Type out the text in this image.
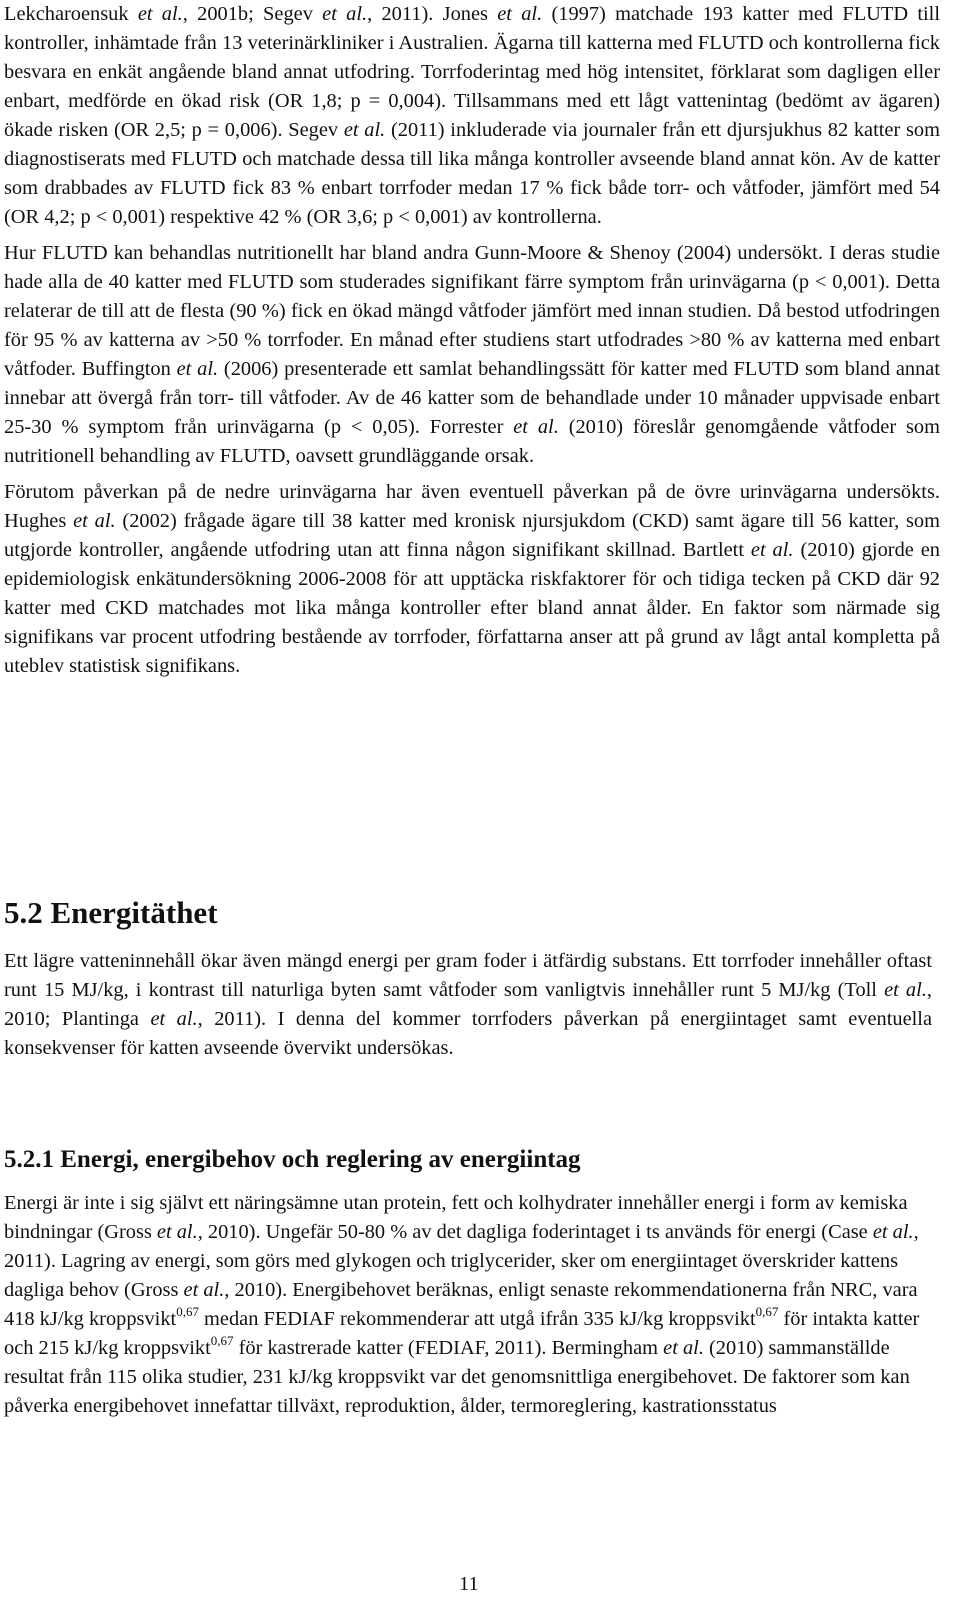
Lekcharoensuk et al., 2001b; Segev et al., 2011). Jones et al. (1997) matchade 193 katter med FLUTD till kontroller, inhämtade från 13 veterinärkliniker i Australien. Ägarna till katterna med FLUTD och kontrollerna fick besvara en enkät angående bland annat utfodring. Torrfoderintag med hög intensitet, förklarat som dagligen eller enbart, medförde en ökad risk (OR 1,8; p = 0,004). Tillsammans med ett lågt vattenintag (bedömt av ägaren) ökade risken (OR 2,5; p = 0,006). Segev et al. (2011) inkluderade via journaler från ett djursjukhus 82 katter som diagnostiserats med FLUTD och matchade dessa till lika många kontroller avseende bland annat kön. Av de katter som drabbades av FLUTD fick 83 % enbart torrfoder medan 17 % fick både torr- och våtfoder, jämfört med 54 (OR 4,2; p < 0,001) respektive 42 % (OR 3,6; p < 0,001) av kontrollerna.

Hur FLUTD kan behandlas nutritionellt har bland andra Gunn-Moore & Shenoy (2004) undersökt. I deras studie hade alla de 40 katter med FLUTD som studerades signifikant färre symptom från urinvägarna (p < 0,001). Detta relaterar de till att de flesta (90 %) fick en ökad mängd våtfoder jämfört med innan studien. Då bestod utfodringen för 95 % av katterna av >50 % torrfoder. En månad efter studiens start utfodrades >80 % av katterna med enbart våtfoder. Buffington et al. (2006) presenterade ett samlat behandlingssätt för katter med FLUTD som bland annat innebar att övergå från torr- till våtfoder. Av de 46 katter som de behandlade under 10 månader uppvisade enbart 25-30 % symptom från urinvägarna (p < 0,05). Forrester et al. (2010) föreslår genomgående våtfoder som nutritionell behandling av FLUTD, oavsett grundläggande orsak.

Förutom påverkan på de nedre urinvägarna har även eventuell påverkan på de övre urinvägarna undersökts. Hughes et al. (2002) frågade ägare till 38 katter med kronisk njursjukdom (CKD) samt ägare till 56 katter, som utgjorde kontroller, angående utfodring utan att finna någon signifikant skillnad. Bartlett et al. (2010) gjorde en epidemiologisk enkätundersökning 2006-2008 för att upptäcka riskfaktorer för och tidiga tecken på CKD där 92 katter med CKD matchades mot lika många kontroller efter bland annat ålder. En faktor som närmade sig signifikans var procent utfodring bestående av torrfoder, författarna anser att på grund av lågt antal kompletta på uteblev statistisk signifikans.

5.2 Energitäthet

Ett lägre vatteninnehåll ökar även mängd energi per gram foder i ätfärdig substans. Ett torrfoder innehåller oftast runt 15 MJ/kg, i kontrast till naturliga byten samt våtfoder som vanligtvis innehåller runt 5 MJ/kg (Toll et al., 2010; Plantinga et al., 2011). I denna del kommer torrfoders påverkan på energiintaget samt eventuella konsekvenser för katten avseende övervikt undersökas.

5.2.1 Energi, energibehov och reglering av energiintag

Energi är inte i sig självt ett näringsämne utan protein, fett och kolhydrater innehåller energi i form av kemiska bindningar (Gross et al., 2010). Ungefär 50-80 % av det dagliga foderintaget i ts används för energi (Case et al., 2011). Lagring av energi, som görs med glykogen och triglycerider, sker om energiintaget överskrider kattens dagliga behov (Gross et al., 2010). Energibehovet beräknas, enligt senaste rekommendationerna från NRC, vara 418 kJ/kg kroppsvikt$^{0,67}$ medan FEDIAF rekommenderar att utgå ifrån 335 kJ/kg kroppsvikt$^{0,67}$ för intakta katter och 215 kJ/kg kroppsvikt$^{0,67}$ för kastrerade katter (FEDIAF, 2011). Bermingham et al. (2010) sammanställde resultat från 115 olika studier, 231 kJ/kg kroppsvikt var det genomsnittliga energibehovet. De faktorer som kan påverka energibehovet innefattar tillväxt, reproduktion, ålder, termoreglering, kastrationsstatus

11
